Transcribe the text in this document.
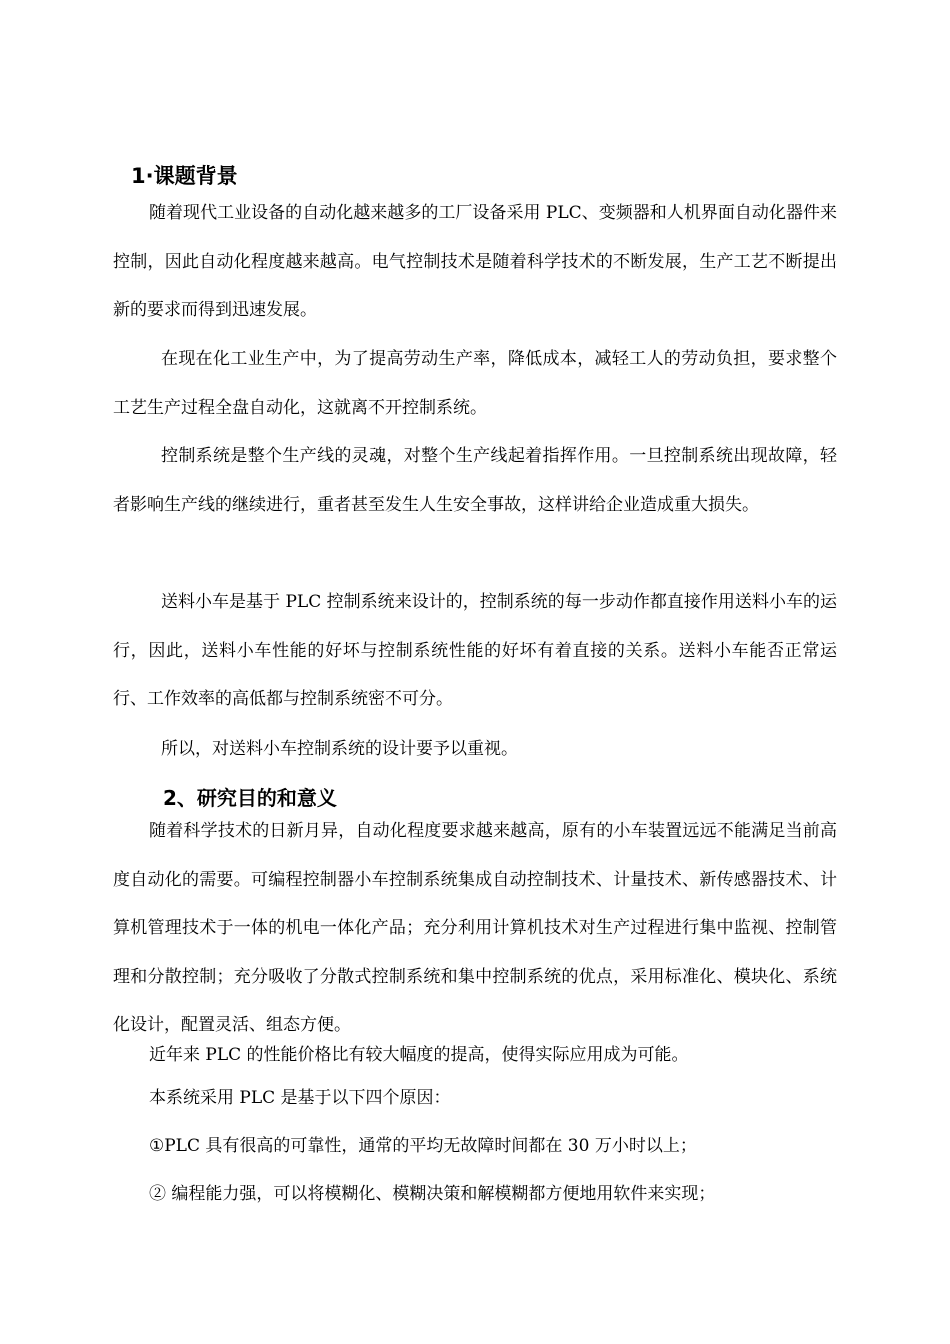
1·课题背景

随着现代工业设备的自动化越来越多的工厂设备采用 PLC、变频器和人机界面自动化器件来控制，因此自动化程度越来越高。电气控制技术是随着科学技术的不断发展，生产工艺不断提出新的要求而得到迅速发展。

在现在化工业生产中，为了提高劳动生产率，降低成本，减轻工人的劳动负担，要求整个工艺生产过程全盘自动化，这就离不开控制系统。

控制系统是整个生产线的灵魂，对整个生产线起着指挥作用。一旦控制系统出现故障，轻者影响生产线的继续进行，重者甚至发生人生安全事故，这样讲给企业造成重大损失。

送料小车是基于 PLC 控制系统来设计的，控制系统的每一步动作都直接作用送料小车的运行，因此，送料小车性能的好坏与控制系统性能的好坏有着直接的关系。送料小车能否正常运行、工作效率的高低都与控制系统密不可分。

所以，对送料小车控制系统的设计要予以重视。
2、研究目的和意义

随着科学技术的日新月异，自动化程度要求越来越高，原有的小车装置远远不能满足当前高度自动化的需要。可编程控制器小车控制系统集成自动控制技术、计量技术、新传感器技术、计算机管理技术于一体的机电一体化产品；充分利用计算机技术对生产过程进行集中监视、控制管理和分散控制；充分吸收了分散式控制系统和集中控制系统的优点，采用标准化、模块化、系统化设计，配置灵活、组态方便。

近年来 PLC 的性能价格比有较大幅度的提高，使得实际应用成为可能。
本系统采用 PLC 是基于以下四个原因：
①PLC 具有很高的可靠性，通常的平均无故障时间都在 30 万小时以上；
② 编程能力强，可以将模糊化、模糊决策和解模糊都方便地用软件来实现；
